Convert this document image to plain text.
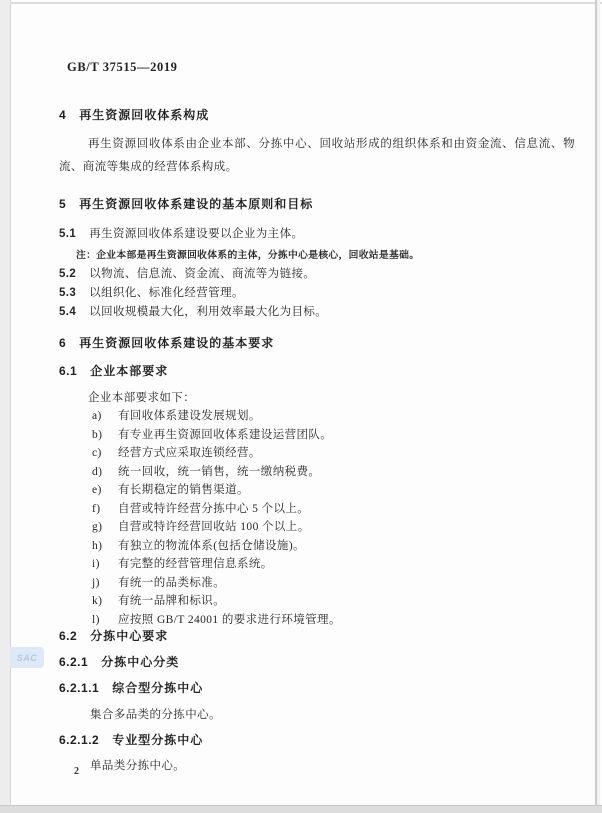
GB/T 37515—2019
4 再生资源回收体系构成

再生资源回收体系由企业本部、分拣中心、回收站形成的组织体系和由资金流、信息流、物流、商流等集成的经营体系构成。

5 再生资源回收体系建设的基本原则和目标
5.1 再生资源回收体系建设要以企业为主体。
注：企业本部是再生资源回收体系的主体，分拣中心是核心，回收站是基础。
5.2 以物流、信息流、资金流、商流等为链接。
5.3 以组织化、标准化经营管理。
5.4 以回收规模最大化，利用效率最大化为目标。
6 再生资源回收体系建设的基本要求
6.1 企业本部要求
企业本部要求如下：
a) 有回收体系建设发展规划。
b) 有专业再生资源回收体系建设运营团队。
c) 经营方式应采取连锁经营。
d) 统一回收，统一销售，统一缴纳税费。
e) 有长期稳定的销售渠道。
f) 自营或特许经营分拣中心 5 个以上。
g) 自营或特许经营回收站 100 个以上。
h) 有独立的物流体系(包括仓储设施)。
i) 有完整的经营管理信息系统。
j) 有统一的品类标准。
k) 有统一品牌和标识。
l) 应按照 GB/T 24001 的要求进行环境管理。
6.2 分拣中心要求
6.2.1 分拣中心分类
6.2.1.1 综合型分拣中心
集合多品类的分拣中心。
6.2.1.2 专业型分拣中心
单品类分拣中心。
2
SAC
